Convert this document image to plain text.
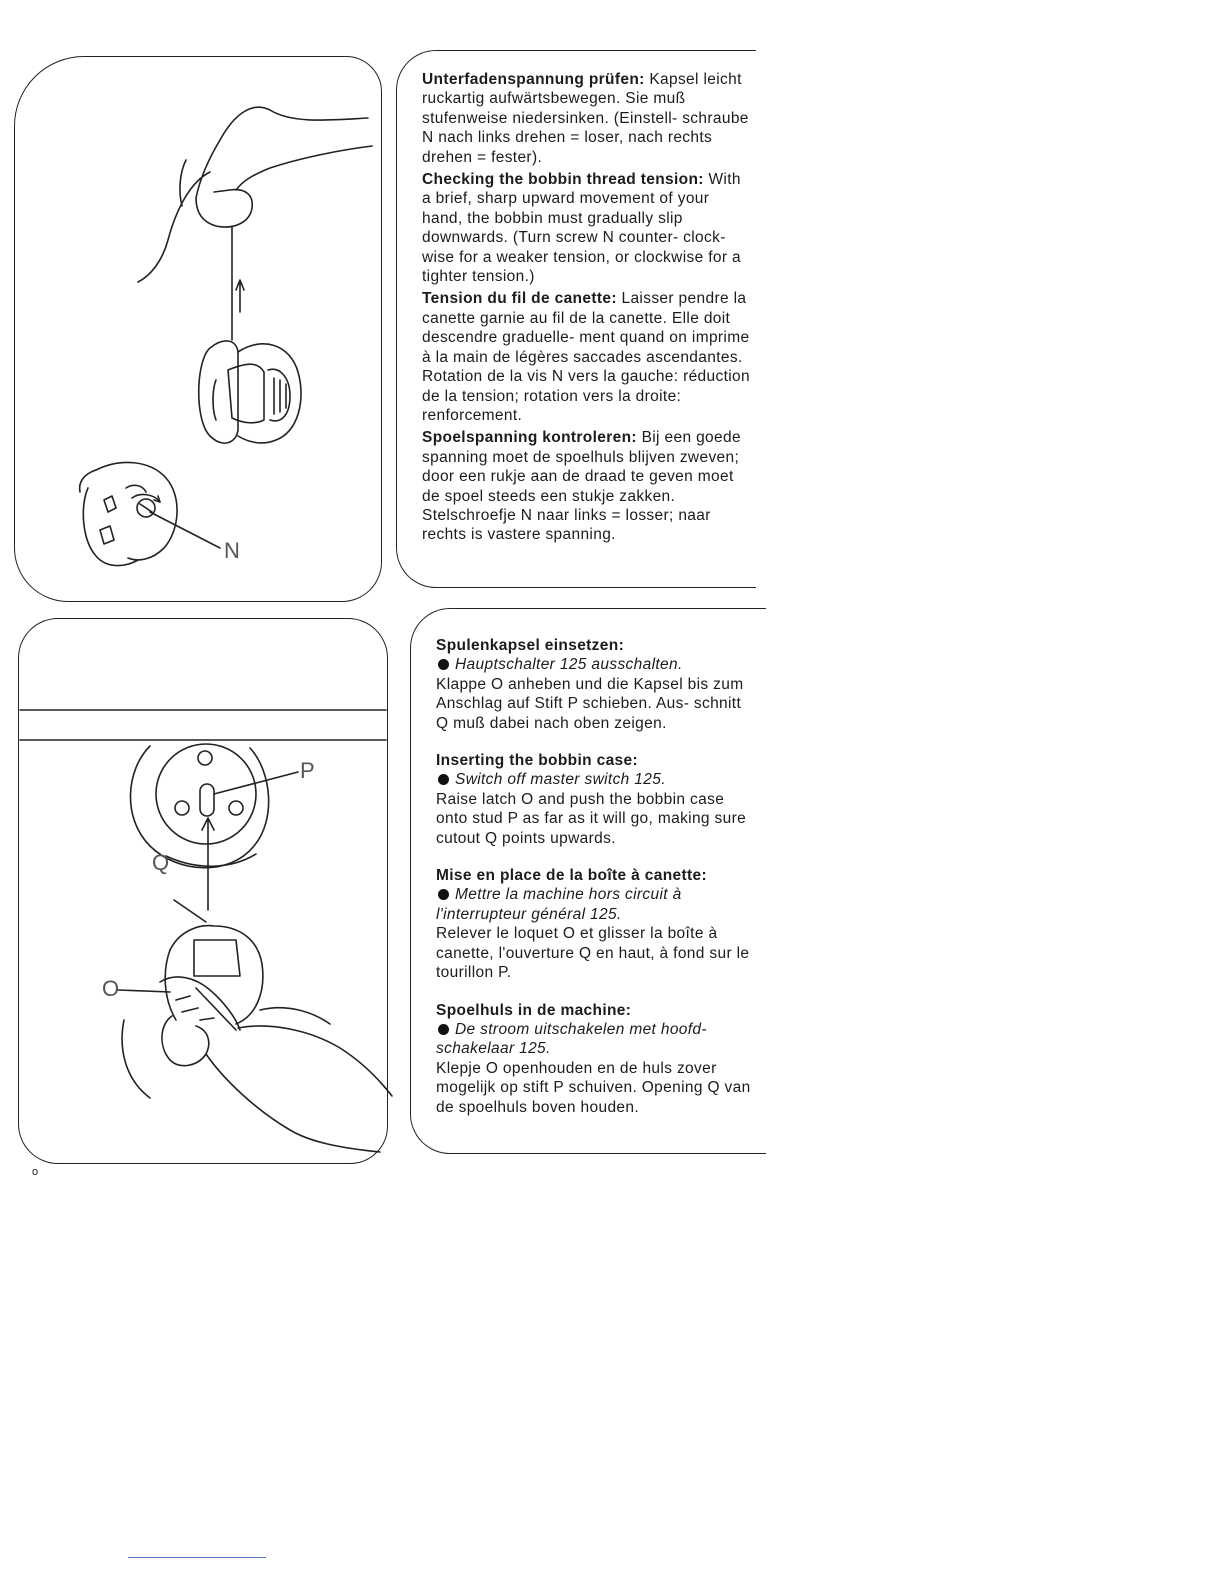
N
P
Q
O

Unterfadenspannung prüfen: Kapsel leicht ruckartig aufwärtsbewegen. Sie muß stufenweise niedersinken. (Einstell- schraube N nach links drehen = loser, nach rechts drehen = fester).

Checking the bobbin thread tension: With a brief, sharp upward movement of your hand, the bobbin must gradually slip downwards. (Turn screw N counter- clock-wise for a weaker tension, or clockwise for a tighter tension.)

Tension du fil de canette: Laisser pendre la canette garnie au fil de la canette. Elle doit descendre graduelle- ment quand on imprime à la main de légères saccades ascendantes. Rotation de la vis N vers la gauche: réduction de la tension; rotation vers la droite: renforcement.

Spoelspanning kontroleren: Bij een goede spanning moet de spoelhuls blijven zweven; door een rukje aan de draad te geven moet de spoel steeds een stukje zakken. Stelschroefje N naar links = losser; naar rechts is vastere spanning.

Spulenkapsel einsetzen:
Hauptschalter 125 ausschalten.
Klappe O anheben und die Kapsel bis zum Anschlag auf Stift P schieben. Aus- schnitt Q muß dabei nach oben zeigen.
Inserting the bobbin case:
Switch off master switch 125.
Raise latch O and push the bobbin case onto stud P as far as it will go, making sure cutout Q points upwards.
Mise en place de la boîte à canette:
Mettre la machine hors circuit à l'interrupteur général 125.
Relever le loquet O et glisser la boîte à canette, l'ouverture Q en haut, à fond sur le tourillon P.
Spoelhuls in de machine:
De stroom uitschakelen met hoofd- schakelaar 125.
Klepje O openhouden en de huls zover mogelijk op stift P schuiven. Opening Q van de spoelhuls boven houden.
o
